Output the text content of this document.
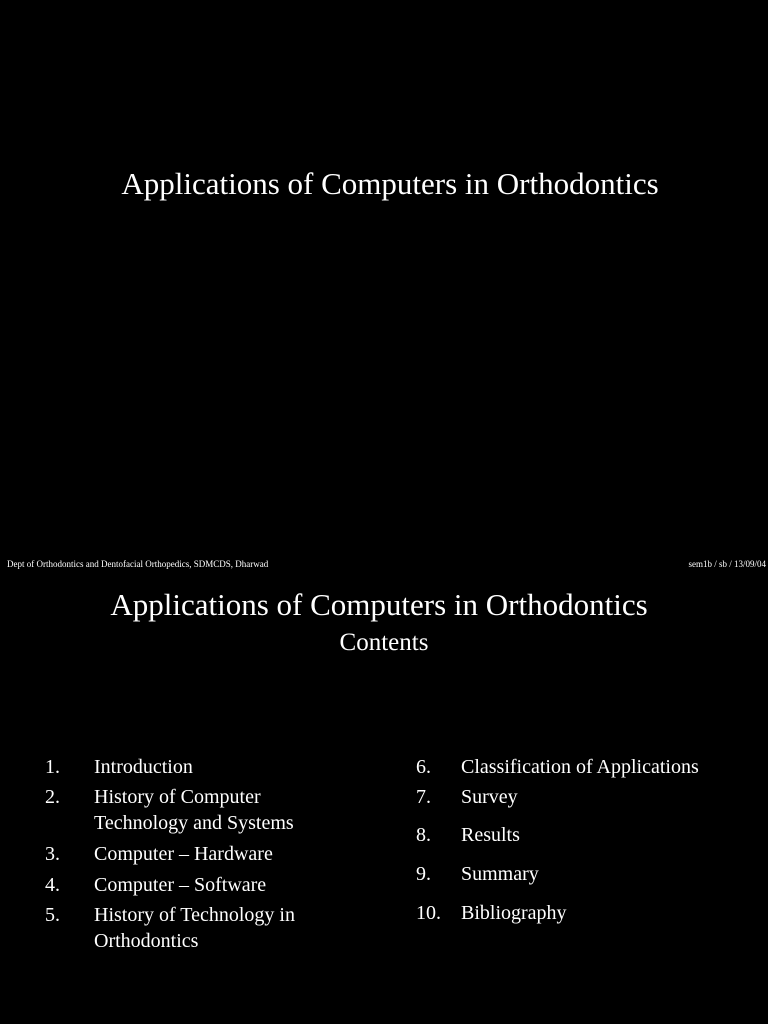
Applications of Computers in Orthodontics
Dept of Orthodontics and Dentofacial Orthopedics, SDMCDS, Dharwad	sem1b / sb / 13/09/04
Applications of Computers in Orthodontics
Contents
1. Introduction
2. History of Computer
Technology and Systems
3. Computer – Hardware
4. Computer – Software
5. History of Technology in
Orthodontics
6. Classification of Applications
7. Survey
8. Results
9. Summary
10. Bibliography
